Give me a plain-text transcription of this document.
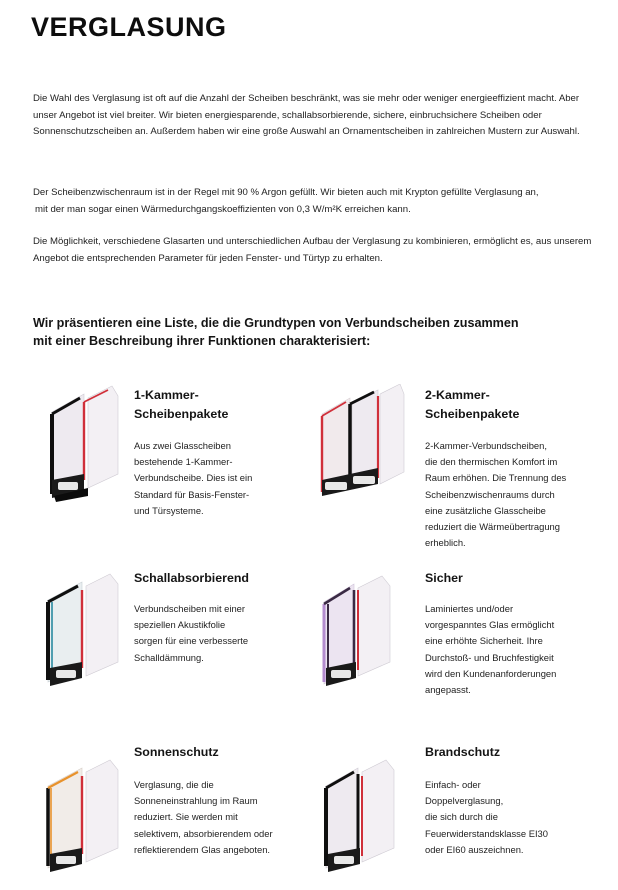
VERGLASUNG
Die Wahl des Verglasung ist oft auf die Anzahl der Scheiben beschränkt, was sie mehr oder weniger energieeffizient macht. Aber unser Angebot ist viel breiter. Wir bieten energiesparende, schallabsorbierende, sichere, einbruchsichere Scheiben oder Sonnenschutzscheiben an. Außerdem haben wir eine große Auswahl an Ornamentscheiben in zahlreichen Mustern zur Auswahl.
Der Scheibenzwischenraum ist in der Regel mit 90 % Argon gefüllt. Wir bieten auch mit Krypton gefüllte Verglasung an,
mit der man sogar einen Wärmedurchgangskoeffizienten von 0,3 W/m²K erreichen kann.
Die Möglichkeit, verschiedene Glasarten und unterschiedlichen Aufbau der Verglasung zu kombinieren, ermöglicht es, aus unserem Angebot die entsprechenden Parameter für jeden Fenster- und Türtyp zu erhalten.
Wir präsentieren eine Liste, die die Grundtypen von Verbundscheiben zusammen
mit einer Beschreibung ihrer Funktionen charakterisiert:
1-Kammer-
Scheibenpakete
Aus zwei Glasscheiben
bestehende 1-Kammer-
Verbundscheibe. Dies ist ein
Standard für Basis-Fenster-
und Türsysteme.
2-Kammer-
Scheibenpakete
2-Kammer-Verbundscheiben,
die den thermischen Komfort im
Raum erhöhen. Die Trennung des
Scheibenzwischenraums durch
eine zusätzliche Glasscheibe
reduziert die Wärmeübertragung
erheblich.
Schallabsorbierend
Verbundscheiben mit einer
speziellen Akustikfolie
sorgen für eine verbesserte
Schalldämmung.
Sicher
Laminiertes und/oder
vorgespanntes Glas ermöglicht
eine erhöhte Sicherheit. Ihre
Durchstoß- und Bruchfestigkeit
wird den Kundenanforderungen
angepasst.
Sonnenschutz
Verglasung, die die
Sonneneinstrahlung im Raum
reduziert. Sie werden mit
selektivem, absorbierendem oder
reflektierendem Glas angeboten.
Brandschutz
Einfach- oder
Doppelverglasung,
die sich durch die
Feuerwiderstandsklasse EI30
oder EI60 auszeichnen.
